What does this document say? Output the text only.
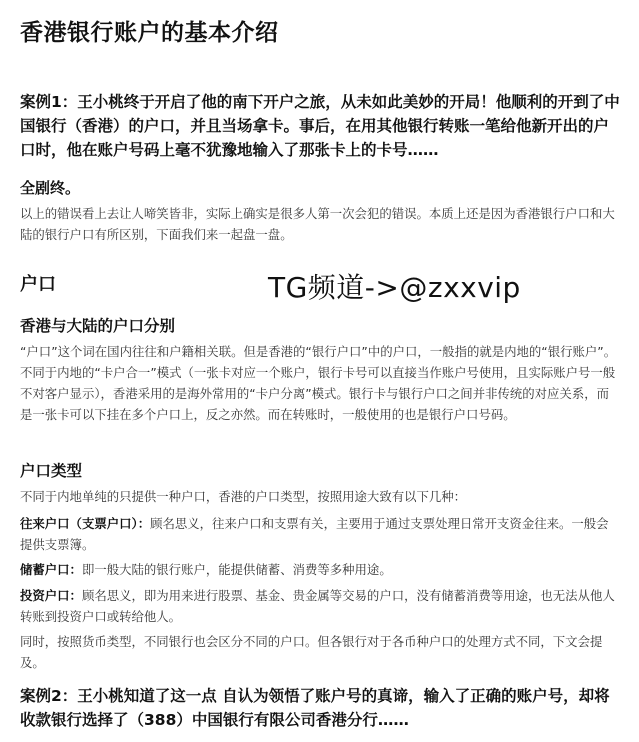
香港银行账户的基本介绍

案例1：王小桃终于开启了他的南下开户之旅，从未如此美妙的开局！他顺利的开到了中国银行（香港）的户口，并且当场拿卡。事后，在用其他银行转账一笔给他新开出的户口时，他在账户号码上毫不犹豫地输入了那张卡上的卡号……

全剧终。

以上的错误看上去让人啼笑皆非，实际上确实是很多人第一次会犯的错误。本质上还是因为香港银行户口和大陆的银行户口有所区别，下面我们来一起盘一盘。

户口	TG频道->@zxxvip
香港与大陆的户口分别

“户口”这个词在国内往往和户籍相关联。但是香港的“银行户口”中的户口，一般指的就是内地的“银行账户”。不同于内地的“卡户合一”模式（一张卡对应一个账户，银行卡号可以直接当作账户号使用，且实际账户号一般不对客户显示），香港采用的是海外常用的“卡户分离”模式。银行卡与银行户口之间并非传统的对应关系，而是一张卡可以下挂在多个户口上，反之亦然。而在转账时，一般使用的也是银行户口号码。

户口类型

不同于内地单纯的只提供一种户口，香港的户口类型，按照用途大致有以下几种：

往来户口（支票户口）：顾名思义，往来户口和支票有关，主要用于通过支票处理日常开支资金往来。一般会提供支票簿。

储蓄户口：即一般大陆的银行账户，能提供储蓄、消费等多种用途。

投资户口：顾名思义，即为用来进行股票、基金、贵金属等交易的户口，没有储蓄消费等用途，也无法从他人转账到投资户口或转给他人。

同时，按照货币类型，不同银行也会区分不同的户口。但各银行对于各币种户口的处理方式不同，下文会提及。

案例2：王小桃知道了这一点 自认为领悟了账户号的真谛，输入了正确的账户号，却将收款银行选择了（388）中国银行有限公司香港分行……
